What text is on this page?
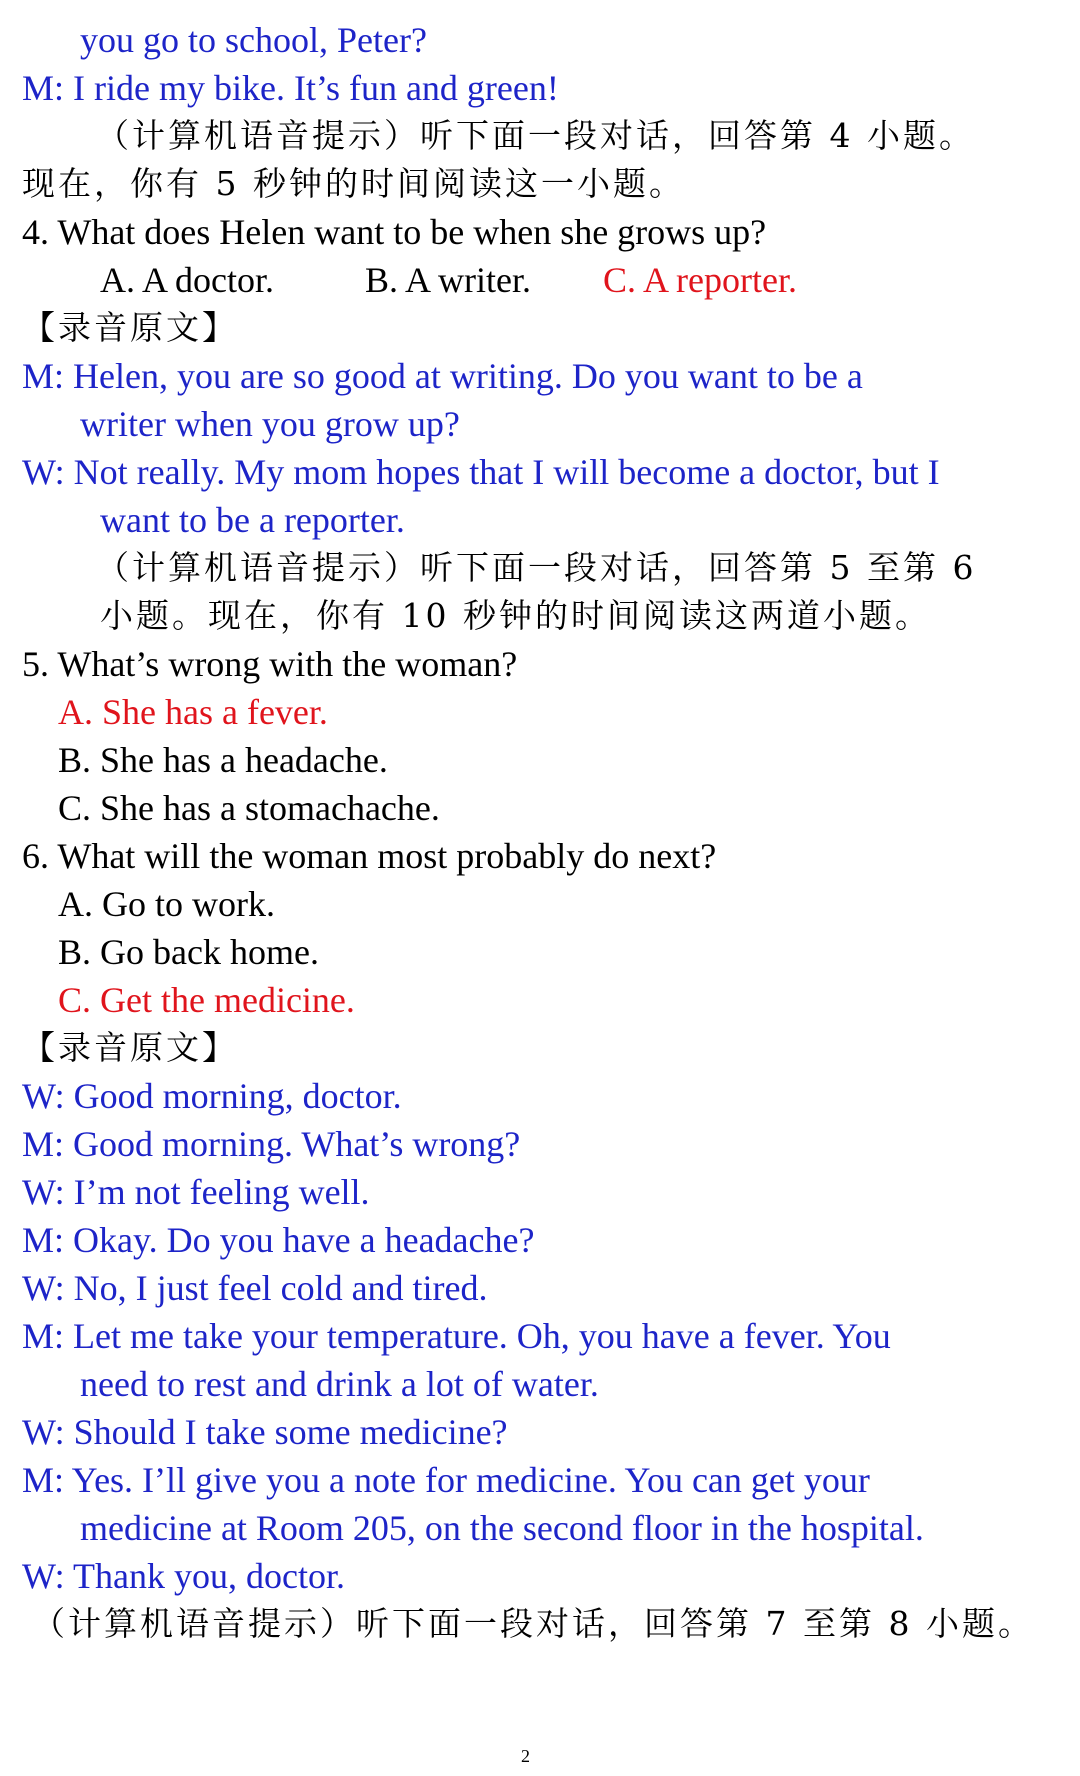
you go to school, Peter?
M: I ride my bike. It’s fun and green!
（计算机语音提示）听下面一段对话，回答第 4 小题。
现在，你有 5 秒钟的时间阅读这一小题。
4. What does Helen want to be when she grows up?
A. A doctor.	B. A writer. C. A reporter.
【录音原文】
M: Helen, you are so good at writing. Do you want to be a
writer when you grow up?
W: Not really. My mom hopes that I will become a doctor, but I
want to be a reporter.
（计算机语音提示）听下面一段对话，回答第 5 至第 6
小题。现在，你有 10 秒钟的时间阅读这两道小题。
5. What’s wrong with the woman?
A. She has a fever.
B. She has a headache.
C. She has a stomachache.
6. What will the woman most probably do next?
A. Go to work.
B. Go back home.
C. Get the medicine.
【录音原文】
W: Good morning, doctor.
M: Good morning. What’s wrong?
W: I’m not feeling well.
M: Okay. Do you have a headache?
W: No, I just feel cold and tired.
M: Let me take your temperature. Oh, you have a fever. You
need to rest and drink a lot of water.
W: Should I take some medicine?
M: Yes. I’ll give you a note for medicine. You can get your
medicine at Room 205, on the second floor in the hospital.
W: Thank you, doctor.
（计算机语音提示）听下面一段对话，回答第 7 至第 8 小题。
2
